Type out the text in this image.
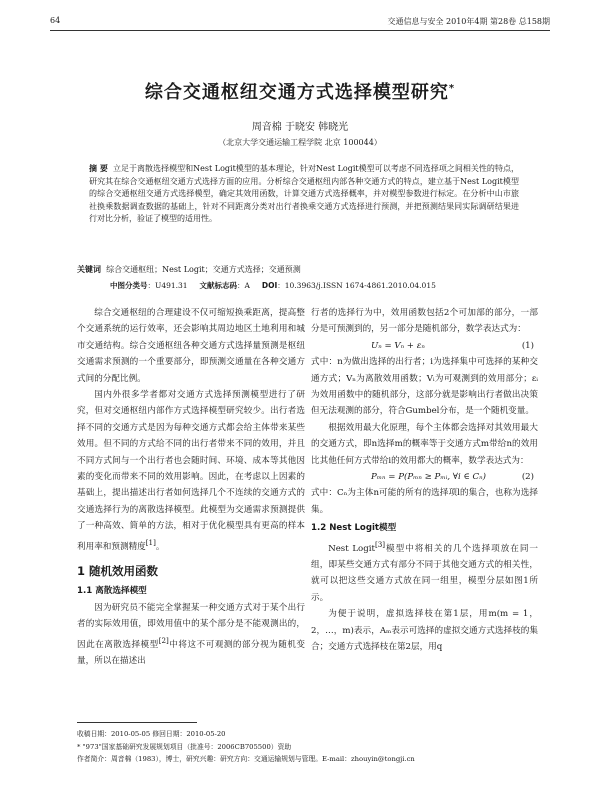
64	交通信息与安全 2010年4期 第28卷 总158期
综合交通枢纽交通方式选择模型研究*
周音棉 于晓安 韩晓光
（北京大学交通运输工程学院 北京 100044）
摘 要 立足于离散选择模型和Nest Logit模型的基本理论，针对Nest Logit模型可以考虑不同选择项之间相关性的特点，研究其在综合交通枢纽交通方式选择方面的应用。分析综合交通枢纽内部各种交通方式的特点，建立基于Nest Logit模型的综合交通枢纽交通方式选择模型，确定其效用函数，计算交通方式选择概率，并对模型参数进行标定。在分析中山市旅社换乘数据调查数据的基础上，针对不同距离分类对出行者换乘交通方式选择进行预测，并把预测结果同实际调研结果进行对比分析，验证了模型的适用性。
关键词 综合交通枢纽；Nest Logit；交通方式选择；交通预测
中图分类号：U491.31 文献标志码：A DOI：10.3963/j.ISSN 1674-4861.2010.04.015

综合交通枢纽的合理建设不仅可缩短换乘距离，提高整个交通系统的运行效率，还会影响其周边地区土地利用和城市交通结构。综合交通枢纽各种交通方式选择量预测是枢纽交通需求预测的一个重要部分，即预测交通量在各种交通方式间的分配比例。

国内外很多学者都对交通方式选择预测模型进行了研究，但对交通枢纽内部作方式选择模型研究较少。出行者选择不同的交通方式是因为每种交通方式都会给主体带来某些效用。但不同的方式给不同的出行者带来不同的效用，并且不同方式间与一个出行者也会随时间、环境、成本等其他因素的变化而带来不同的效用影响。因此，在考虑以上因素的基础上，提出描述出行者如何选择几个不连续的交通方式的交通选择行为的离散选择模型。此模型为交通需求预测提供了一种高效、简单的方法，相对于优化模型具有更高的样本利用率和预测精度[1]。

1 随机效用函数
1.1 离散选择模型

因为研究员不能完全掌握某一种交通方式对于某个出行者的实际效用值，即效用值中的某个部分是不能观测出的，因此在离散选择模型[2]中将这不可观测的部分视为随机变量，所以在描述出

行者的选择行为中，效用函数包括2个可加部的部分，一部分是可预测到的，另一部分是随机部分，数学表达式为：

Uₙ = Vₙ + εₙ	(1)

式中：n为做出选择的出行者；i为选择集中可选择的某种交通方式；Vₙ为离散效用函数；Vᵢ为可观测到的效用部分；εᵢ为效用函数中的随机部分，这部分就是影响出行者做出决策但无法观测的部分，符合Gumbel分布，是一个随机变量。

根据效用最大化原理，每个主体都会选择对其效用最大的交通方式，即n选择m的概率等于交通方式m带给n的效用比其他任何方式带给i的效用都大的概率，数学表达式为：

Pₘₙ = P(Pₘₙ ≥ Pₘᵢ, ∀i ∈ Cₙ)	(2)

式中：Cₙ为主体n可能的所有的选择项l的集合，也称为选择集。

1.2 Nest Logit模型

Nest Logit[3]模型中将相关的几个选择项放在同一组，即某些交通方式有部分不同于其他交通方式的相关性，就可以把这些交通方式放在同一组里，模型分层如图1所示。

为便于说明，虚拟选择枝在第1层，用m(m = 1，2，…，m)表示，Aₘ表示可选择的虚拟交通方式选择枝的集合；交通方式选择枝在第2层，用q

收稿日期：2010-05-05 修回日期：2010-05-20
* "973"国家基础研究发展规划项目（批准号：2006CB705500）资助
作者简介：周音棉（1983），博士，研究兴趣：研究方向：交通运输规划与管理。E-mail：zhouyin@tongji.cn
